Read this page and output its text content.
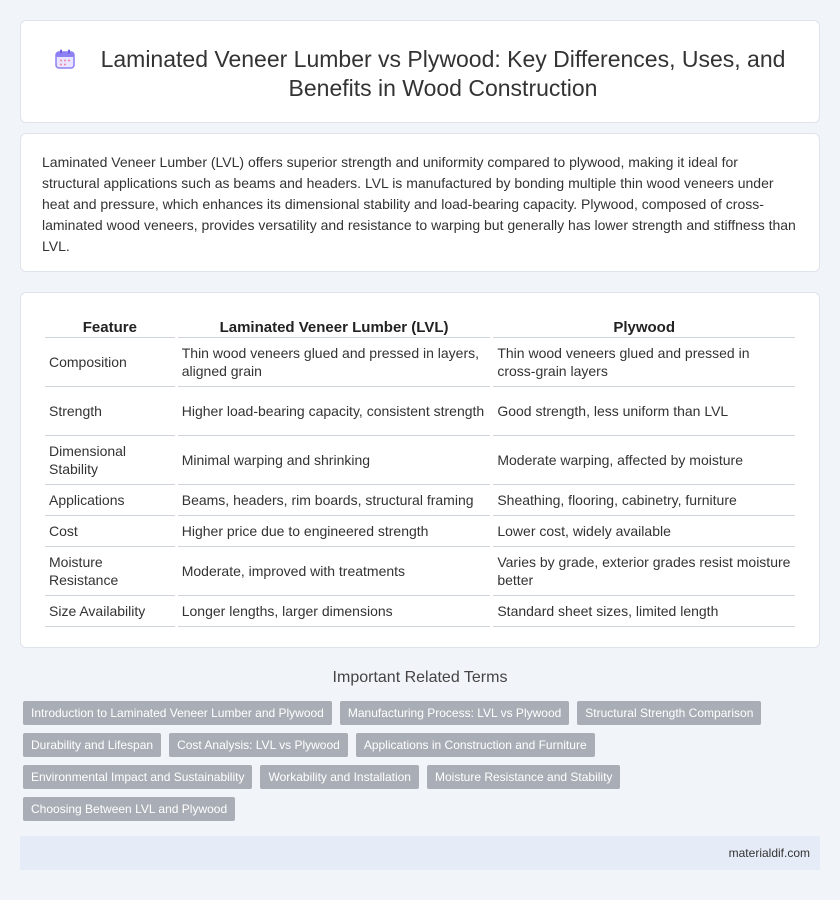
Laminated Veneer Lumber vs Plywood: Key Differences, Uses, and Benefits in Wood Construction

Laminated Veneer Lumber (LVL) offers superior strength and uniformity compared to plywood, making it ideal for structural applications such as beams and headers. LVL is manufactured by bonding multiple thin wood veneers under heat and pressure, which enhances its dimensional stability and load-bearing capacity. Plywood, composed of cross-laminated wood veneers, provides versatility and resistance to warping but generally has lower strength and stiffness than LVL.

Feature	Laminated Veneer Lumber (LVL)	Plywood
Composition	Thin wood veneers glued and pressed in layers, aligned grain	Thin wood veneers glued and pressed in cross-grain layers
Strength	Higher load-bearing capacity, consistent strength	Good strength, less uniform than LVL
Dimensional Stability	Minimal warping and shrinking	Moderate warping, affected by moisture
Applications	Beams, headers, rim boards, structural framing	Sheathing, flooring, cabinetry, furniture
Cost	Higher price due to engineered strength	Lower cost, widely available
Moisture Resistance	Moderate, improved with treatments	Varies by grade, exterior grades resist moisture better
Size Availability	Longer lengths, larger dimensions	Standard sheet sizes, limited length
Important Related Terms
Introduction to Laminated Veneer Lumber and Plywood	Manufacturing Process: LVL vs Plywood	Structural Strength Comparison
Durability and Lifespan	Cost Analysis: LVL vs Plywood	Applications in Construction and Furniture
Environmental Impact and Sustainability	Workability and Installation	Moisture Resistance and Stability
Choosing Between LVL and Plywood
materialdif.com
